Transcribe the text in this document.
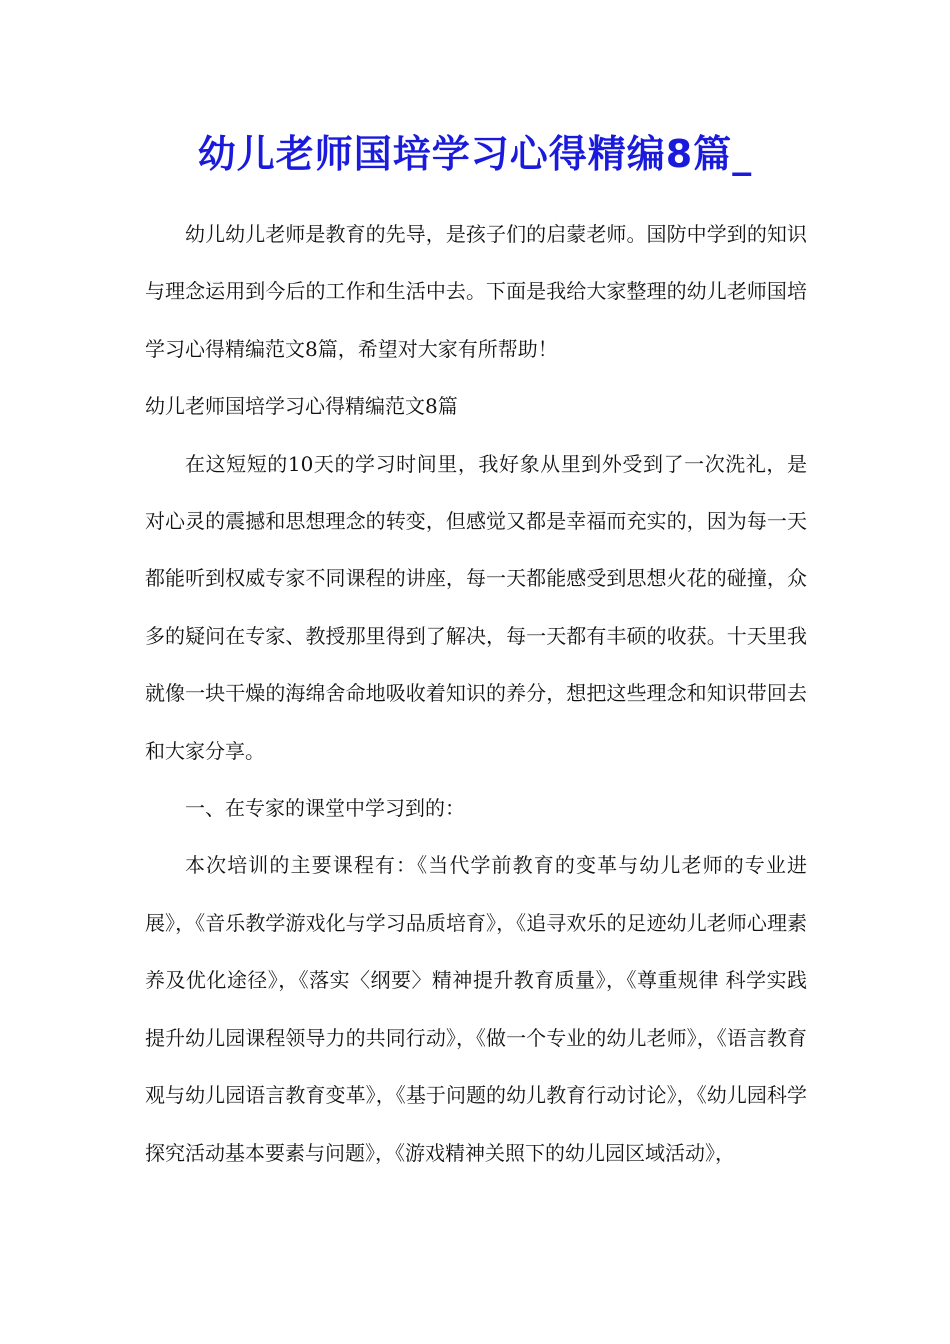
幼儿老师国培学习心得精编8篇_

幼儿幼儿老师是教育的先导，是孩子们的启蒙老师。国防中学到的知识与理念运用到今后的工作和生活中去。下面是我给大家整理的幼儿老师国培学习心得精编范文8篇，希望对大家有所帮助！

幼儿老师国培学习心得精编范文8篇

在这短短的10天的学习时间里，我好象从里到外受到了一次洗礼，是对心灵的震撼和思想理念的转变，但感觉又都是幸福而充实的，因为每一天都能听到权威专家不同课程的讲座，每一天都能感受到思想火花的碰撞，众多的疑问在专家、教授那里得到了解决，每一天都有丰硕的收获。十天里我就像一块干燥的海绵舍命地吸收着知识的养分，想把这些理念和知识带回去和大家分享。

一、在专家的课堂中学习到的：

本次培训的主要课程有：《当代学前教育的变革与幼儿老师的专业进展》，《音乐教学游戏化与学习品质培育》，《追寻欢乐的足迹幼儿老师心理素养及优化途径》，《落实〈纲要〉精神提升教育质量》，《尊重规律 科学实践提升幼儿园课程领导力的共同行动》，《做一个专业的幼儿老师》，《语言教育观与幼儿园语言教育变革》，《基于问题的幼儿教育行动讨论》，《幼儿园科学探究活动基本要素与问题》，《游戏精神关照下的幼儿园区域活动》，
